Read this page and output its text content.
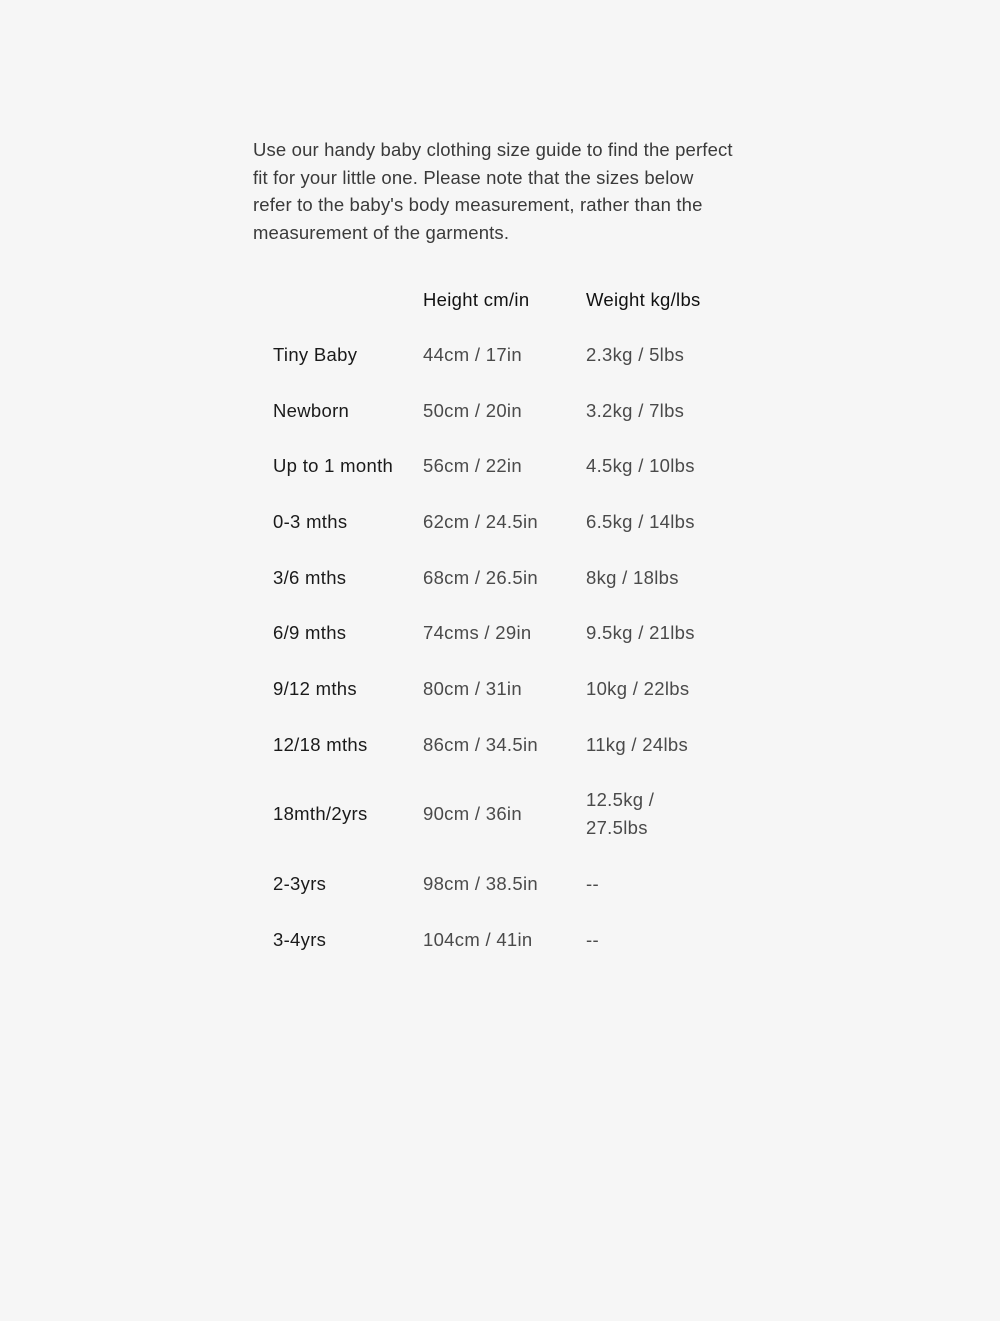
Use our handy baby clothing size guide to find the perfect fit for your little one. Please note that the sizes below refer to the baby's body measurement, rather than the measurement of the garments.

	Height cm/in	Weight kg/lbs
Tiny Baby	44cm / 17in	2.3kg / 5lbs
Newborn	50cm / 20in	3.2kg / 7lbs
Up to 1 month	56cm / 22in	4.5kg / 10lbs
0-3 mths	62cm / 24.5in	6.5kg / 14lbs
3/6 mths	68cm / 26.5in	8kg / 18lbs
6/9 mths	74cms / 29in	9.5kg / 21lbs
9/12 mths	80cm / 31in	10kg / 22lbs
12/18 mths	86cm / 34.5in	11kg / 24lbs
18mth/2yrs	90cm / 36in	12.5kg / 27.5lbs
2-3yrs	98cm / 38.5in	--
3-4yrs	104cm / 41in	--
